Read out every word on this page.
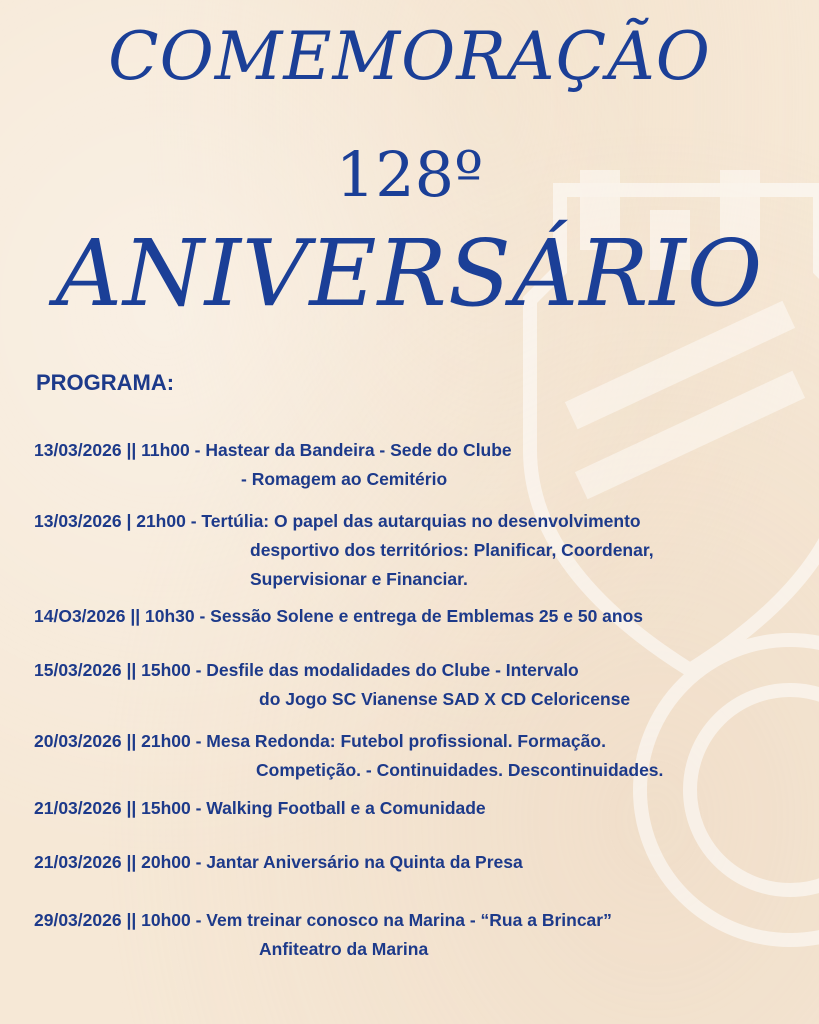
COMEMORAÇÃO
128º
ANIVERSÁRIO
PROGRAMA:
13/03/2026 || 11h00 - Hastear da Bandeira - Sede do Clube
- Romagem ao Cemitério
13/03/2026 | 21h00 - Tertúlia: O papel das autarquias no desenvolvimento
desportivo dos territórios: Planificar, Coordenar,
Supervisionar e Financiar.
14/O3/2026 || 10h30 - Sessão Solene e entrega de Emblemas 25 e 50 anos
15/03/2026 || 15h00 - Desfile das modalidades do Clube - Intervalo
do Jogo SC Vianense SAD X CD Celoricense
20/03/2026 || 21h00 - Mesa Redonda: Futebol profissional. Formação.
Competição. - Continuidades. Descontinuidades.
21/03/2026 || 15h00 - Walking Football e a Comunidade
21/03/2026 || 20h00 - Jantar Aniversário na Quinta da Presa
29/03/2026 || 10h00 - Vem treinar conosco na Marina - “Rua a Brincar”
Anfiteatro da Marina
